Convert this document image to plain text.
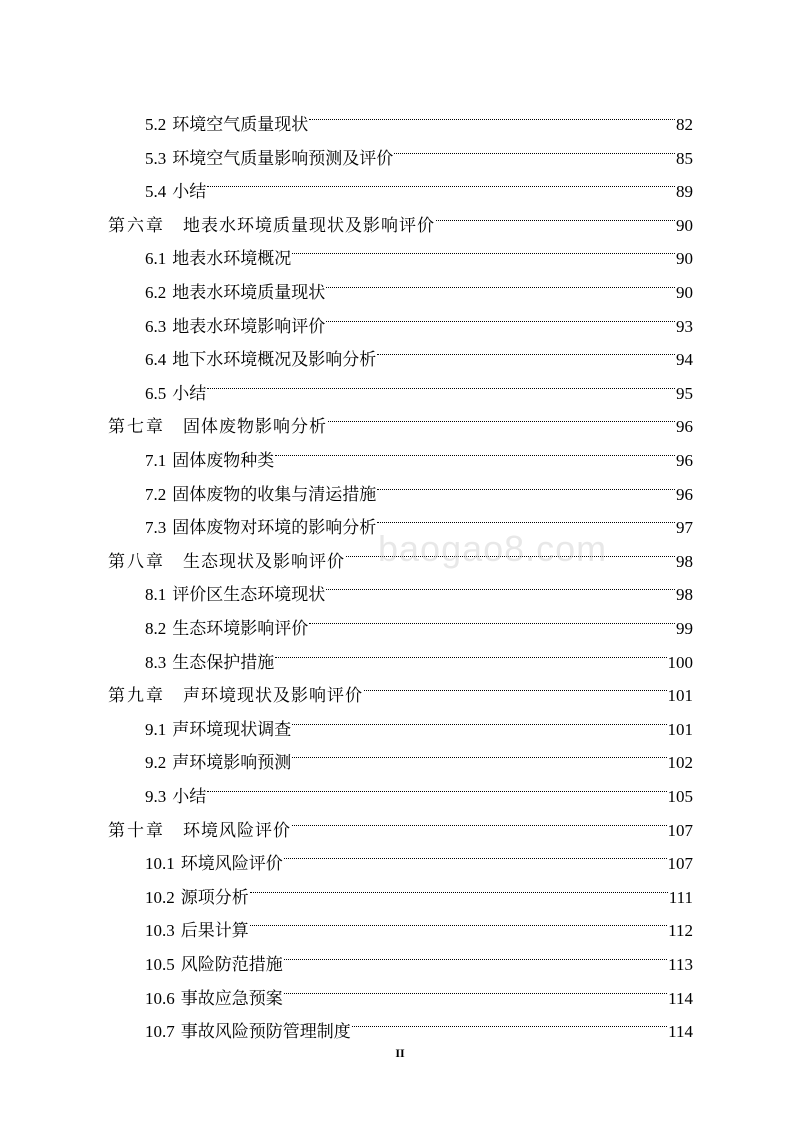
5.2 环境空气质量现状	82
5.3 环境空气质量影响预测及评价	85
5.4 小结	89
第六章 地表水环境质量现状及影响评价	90
6.1 地表水环境概况	90
6.2 地表水环境质量现状	90
6.3 地表水环境影响评价	93
6.4 地下水环境概况及影响分析	94
6.5 小结	95
第七章 固体废物影响分析	96
7.1 固体废物种类	96
7.2 固体废物的收集与清运措施	96
7.3 固体废物对环境的影响分析	97
第八章 生态现状及影响评价	98
8.1 评价区生态环境现状	98
8.2 生态环境影响评价	99
8.3 生态保护措施	100
第九章 声环境现状及影响评价	101
9.1 声环境现状调查	101
9.2 声环境影响预测	102
9.3 小结	105
第十章 环境风险评价	107
10.1 环境风险评价	107
10.2 源项分析	111
10.3 后果计算	112
10.5 风险防范措施	113
10.6 事故应急预案	114
10.7 事故风险预防管理制度	114
baogao8.com
II
